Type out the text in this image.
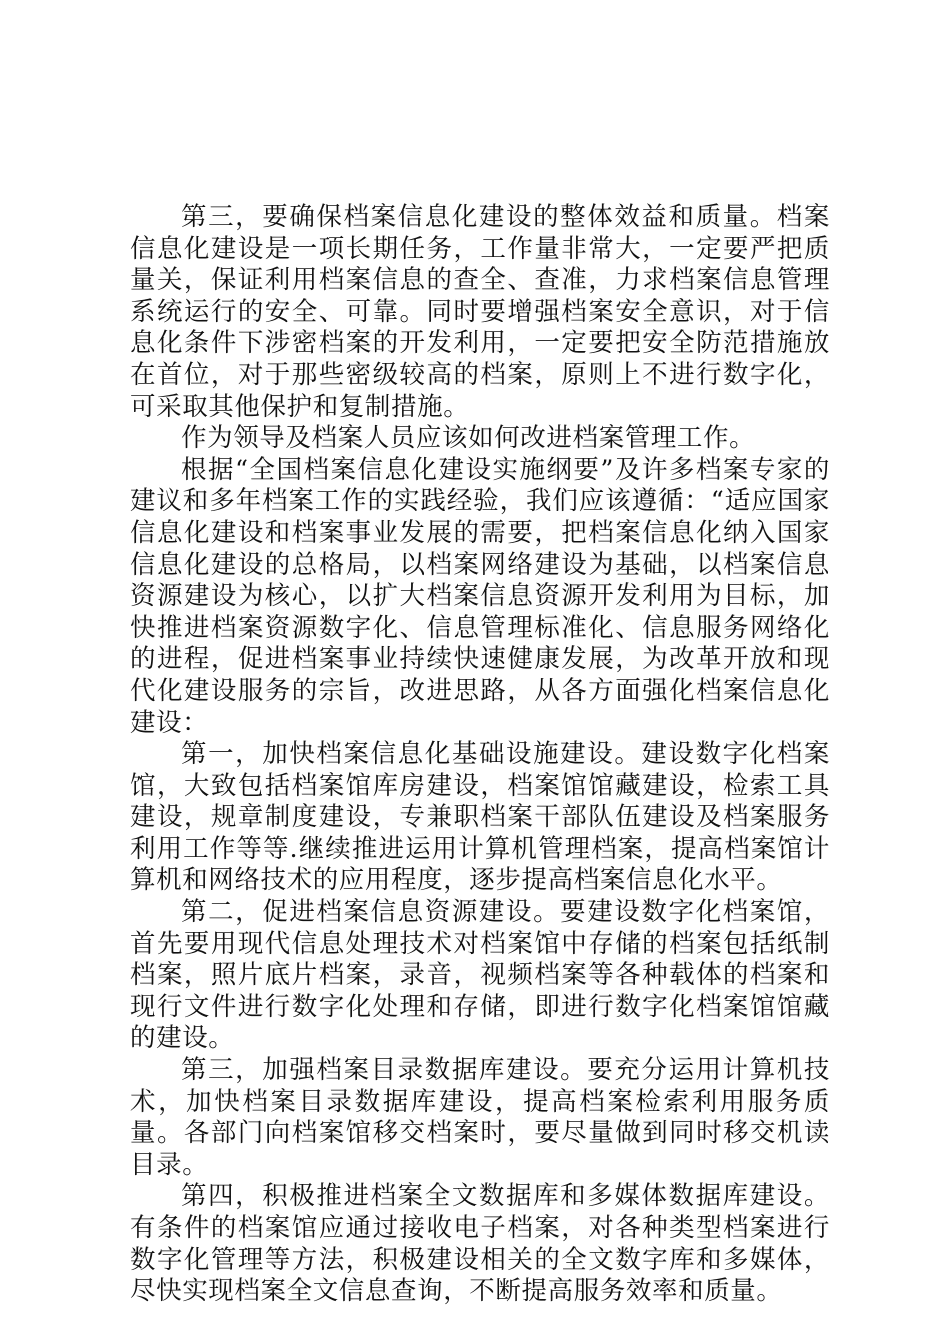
第三，要确保档案信息化建设的整体效益和质量。档案信息化建设是一项长期任务，工作量非常大，一定要严把质量关，保证利用档案信息的查全、查准，力求档案信息管理系统运行的安全、可靠。同时要增强档案安全意识，对于信息化条件下涉密档案的开发利用，一定要把安全防范措施放在首位，对于那些密级较高的档案，原则上不进行数字化，可采取其他保护和复制措施。

作为领导及档案人员应该如何改进档案管理工作。

根据“全国档案信息化建设实施纲要”及许多档案专家的建议和多年档案工作的实践经验，我们应该遵循：“适应国家信息化建设和档案事业发展的需要，把档案信息化纳入国家信息化建设的总格局，以档案网络建设为基础，以档案信息资源建设为核心，以扩大档案信息资源开发利用为目标，加快推进档案资源数字化、信息管理标准化、信息服务网络化的进程，促进档案事业持续快速健康发展，为改革开放和现代化建设服务的宗旨，改进思路，从各方面强化档案信息化建设：

第一，加快档案信息化基础设施建设。建设数字化档案馆，大致包括档案馆库房建设，档案馆馆藏建设，检索工具建设，规章制度建设，专兼职档案干部队伍建设及档案服务利用工作等等.继续推进运用计算机管理档案，提高档案馆计算机和网络技术的应用程度，逐步提高档案信息化水平。

第二，促进档案信息资源建设。要建设数字化档案馆，首先要用现代信息处理技术对档案馆中存储的档案包括纸制档案，照片底片档案，录音，视频档案等各种载体的档案和现行文件进行数字化处理和存储，即进行数字化档案馆馆藏的建设。

第三，加强档案目录数据库建设。要充分运用计算机技术，加快档案目录数据库建设，提高档案检索利用服务质量。各部门向档案馆移交档案时，要尽量做到同时移交机读目录。

第四，积极推进档案全文数据库和多媒体数据库建设。有条件的档案馆应通过接收电子档案，对各种类型档案进行数字化管理等方法，积极建设相关的全文数字库和多媒体，尽快实现档案全文信息查询，不断提高服务效率和质量。
